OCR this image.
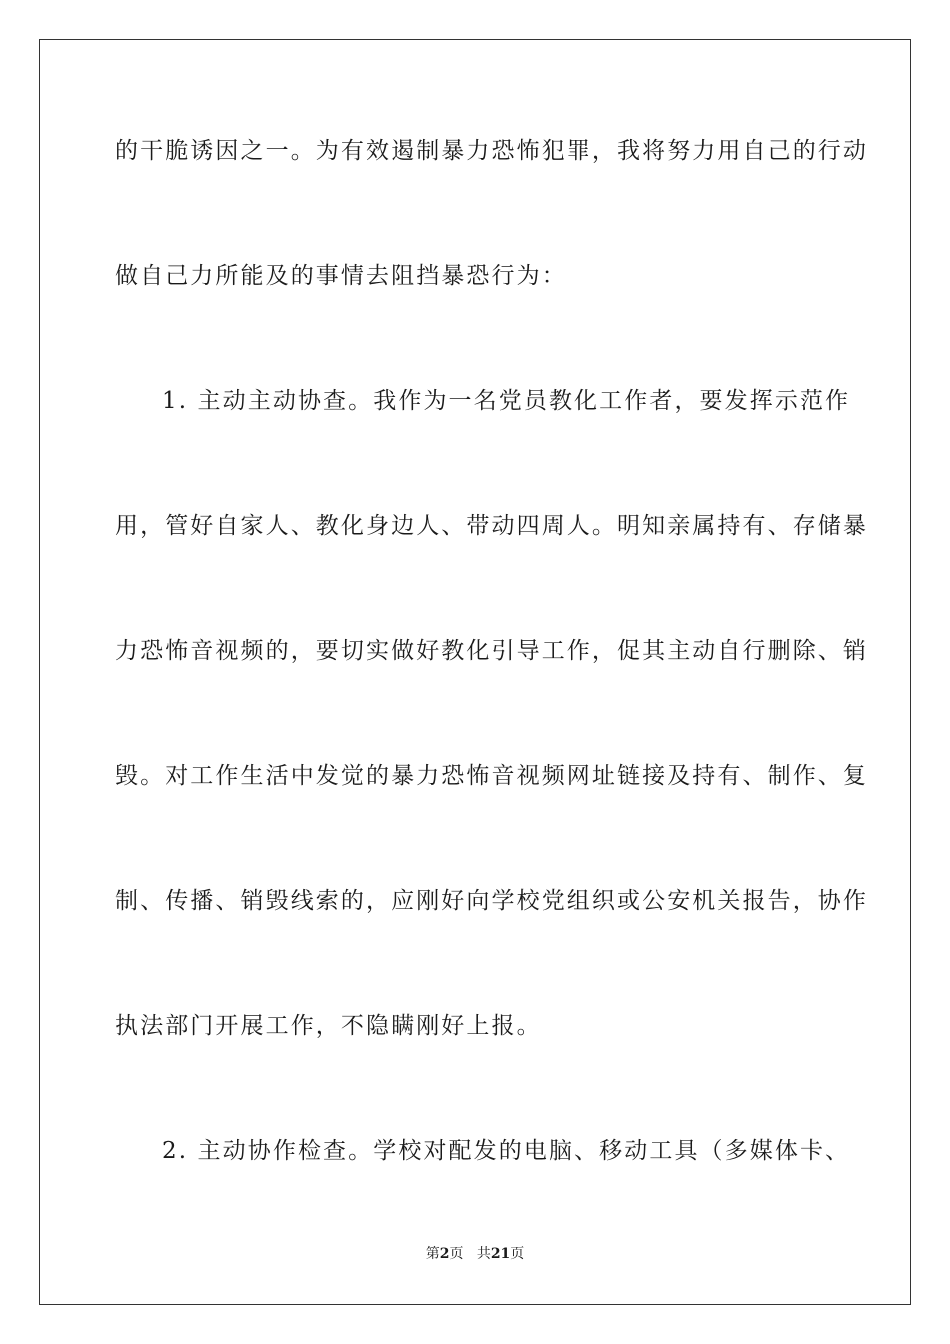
的干脆诱因之一。为有效遏制暴力恐怖犯罪，我将努力用自己的行动
做自己力所能及的事情去阻挡暴恐行为：
1. 主动主动协查。我作为一名党员教化工作者，要发挥示范作
用，管好自家人、教化身边人、带动四周人。明知亲属持有、存储暴
力恐怖音视频的，要切实做好教化引导工作，促其主动自行删除、销
毁。对工作生活中发觉的暴力恐怖音视频网址链接及持有、制作、复
制、传播、销毁线索的，应刚好向学校党组织或公安机关报告，协作
执法部门开展工作，不隐瞒刚好上报。
2. 主动协作检查。学校对配发的电脑、移动工具（多媒体卡、
第2页 共21页
